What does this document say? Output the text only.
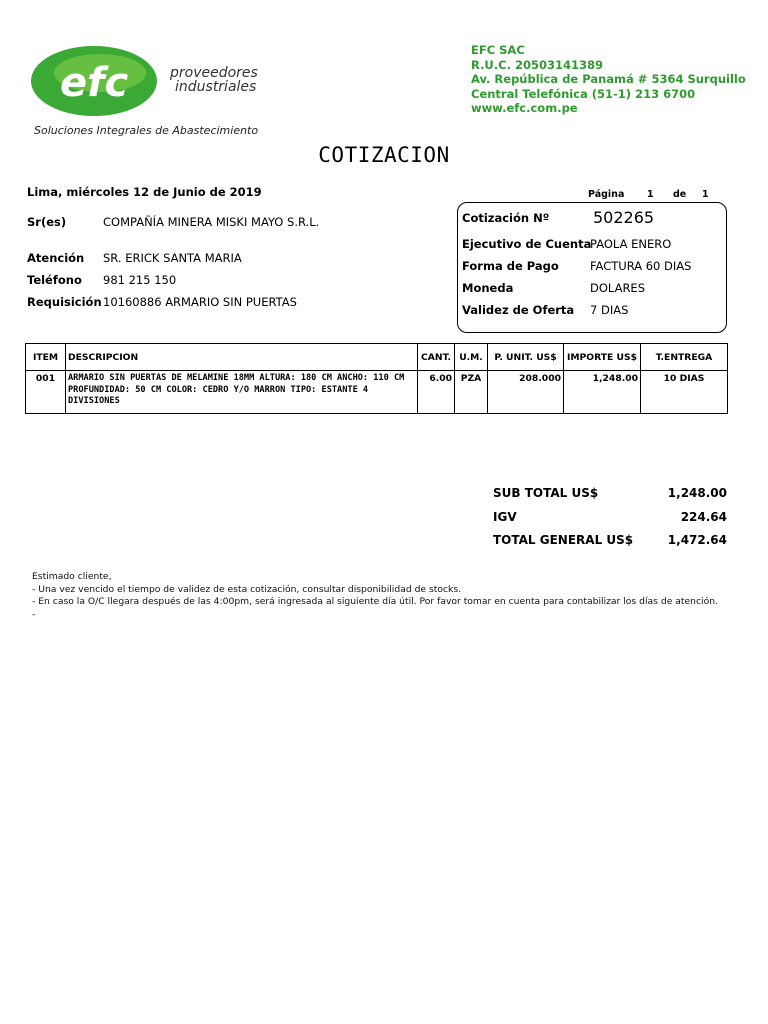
efc	proveedores
industriales
Soluciones Integrales de Abastecimiento
EFC SAC
R.U.C. 20503141389
Av. República de Panamá # 5364 Surquillo
Central Telefónica (51-1) 213 6700
www.efc.com.pe
COTIZACION
Lima, miércoles 12 de Junio de 2019	Página 1 de 1
Sr(es)	COMPAÑÍA MINERA MISKI MAYO S.R.L.
Atención SR. ERICK SANTA MARIA
Teléfono 981 215 150
Requisición 10160886 ARMARIO SIN PUERTAS
Cotización Nº	502265
Ejecutivo de Cuenta
PAOLA ENERO
Forma de Pago	FACTURA 60 DIAS
Moneda	DOLARES
Validez de Oferta 7 DIAS
ITEM	DESCRIPCION	CANT.	U.M.	P. UNIT. US$	IMPORTE US$	T.ENTREGA
001	ARMARIO SIN PUERTAS DE MELAMINE 18MM ALTURA: 180 CM ANCHO: 110 CM PROFUNDIDAD: 50 CM COLOR: CEDRO Y/O MARRON TIPO: ESTANTE 4 DIVISIONES	6.00	PZA	208.000	1,248.00	10 DIAS
SUB TOTAL US$	1,248.00
IGV	224.64
TOTAL GENERAL US$	1,472.64
Estimado cliente,
- Una vez vencido el tiempo de validez de esta cotización, consultar disponibilidad de stocks.
- En caso la O/C llegara después de las 4:00pm, será ingresada al siguiente día útil. Por favor tomar en cuenta para contabilizar los días de atención.
-
